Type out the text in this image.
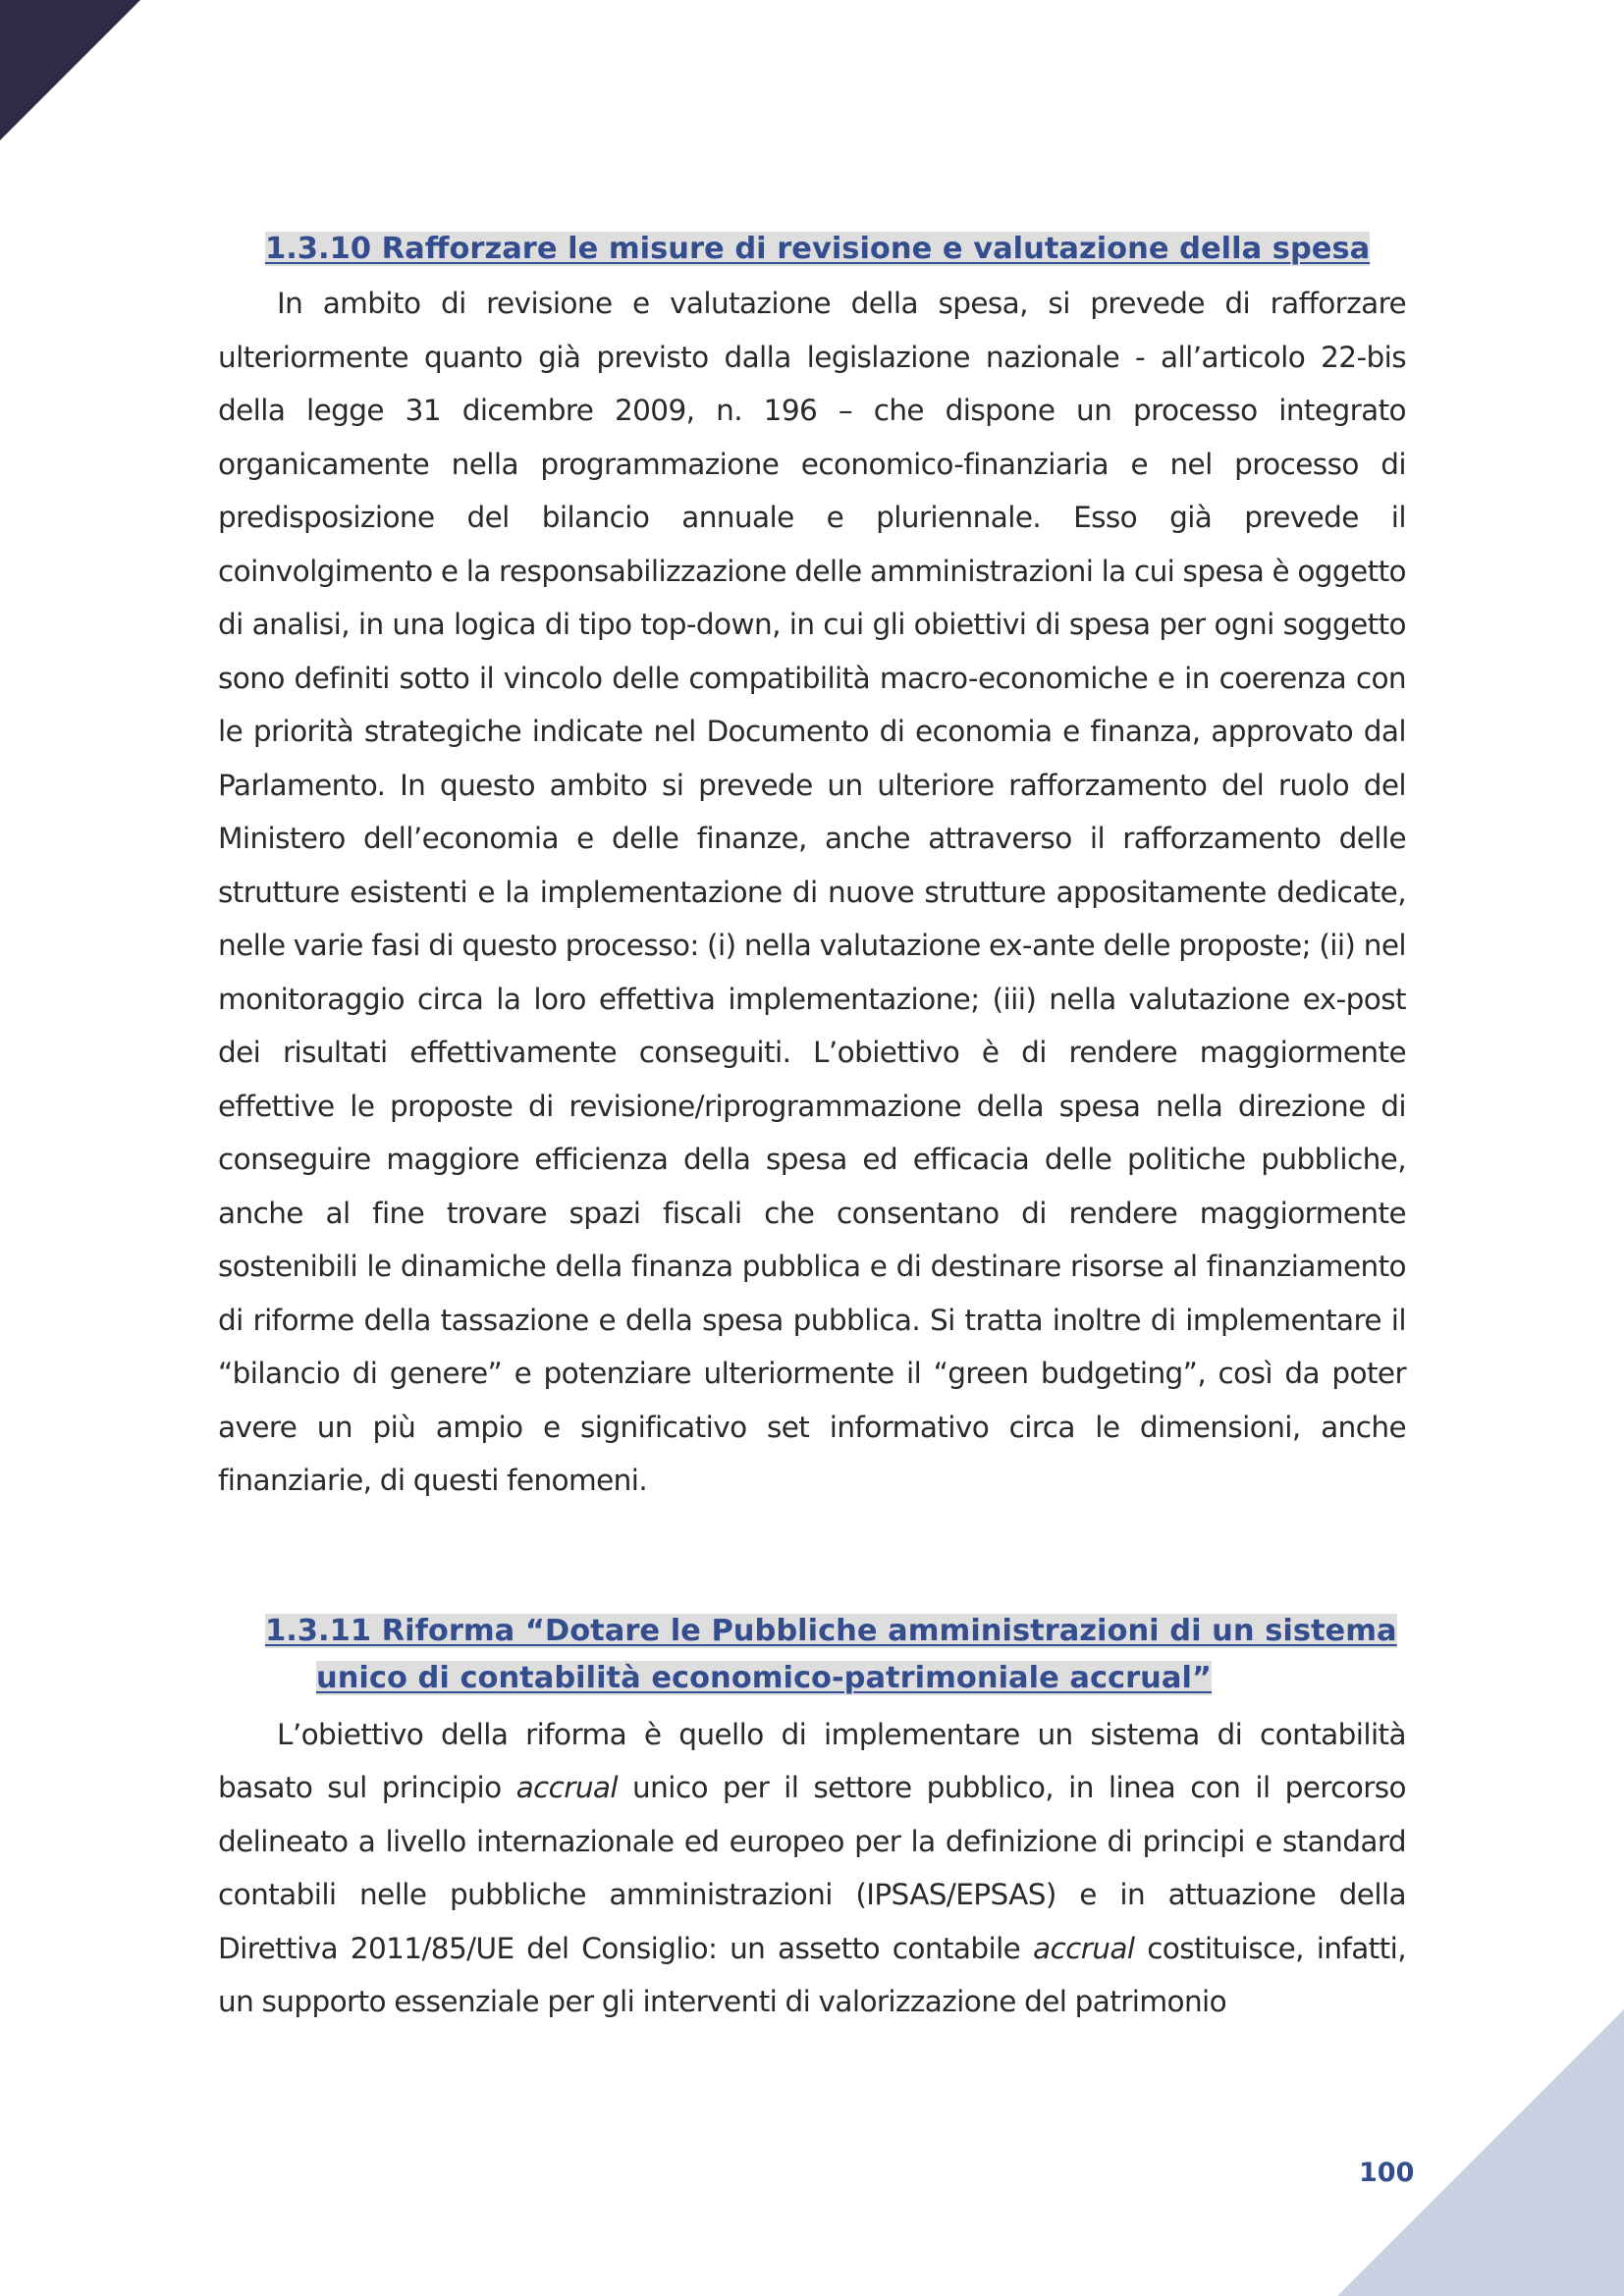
1.3.10 Rafforzare le misure di revisione e valutazione della spesa

In ambito di revisione e valutazione della spesa, si prevede di rafforzare ulteriormente quanto già previsto dalla legislazione nazionale - all’articolo 22-bis della legge 31 dicembre 2009, n. 196 – che dispone un processo integrato organicamente nella programmazione economico-finanziaria e nel processo di predisposizione del bilancio annuale e pluriennale. Esso già prevede il coinvolgimento e la responsabilizzazione delle amministrazioni la cui spesa è oggetto di analisi, in una logica di tipo top-down, in cui gli obiettivi di spesa per ogni soggetto sono definiti sotto il vincolo delle compatibilità macro-economiche e in coerenza con le priorità strategiche indicate nel Documento di economia e finanza, approvato dal Parlamento. In questo ambito si prevede un ulteriore rafforzamento del ruolo del Ministero dell’economia e delle finanze, anche attraverso il rafforzamento delle strutture esistenti e la implementazione di nuove strutture appositamente dedicate, nelle varie fasi di questo processo: (i) nella valutazione ex-ante delle proposte; (ii) nel monitoraggio circa la loro effettiva implementazione; (iii) nella valutazione ex-post dei risultati effettivamente conseguiti. L’obiettivo è di rendere maggiormente effettive le proposte di revisione/riprogrammazione della spesa nella direzione di conseguire maggiore efficienza della spesa ed efficacia delle politiche pubbliche, anche al fine trovare spazi fiscali che consentano di rendere maggiormente sostenibili le dinamiche della finanza pubblica e di destinare risorse al finanziamento di riforme della tassazione e della spesa pubblica. Si tratta inoltre di implementare il “bilancio di genere” e potenziare ulteriormente il “green budgeting”, così da poter avere un più ampio e significativo set informativo circa le dimensioni, anche finanziarie, di questi fenomeni.

1.3.11 Riforma “Dotare le Pubbliche amministrazioni di un sistema
unico di contabilità economico-patrimoniale accrual”

L’obiettivo della riforma è quello di implementare un sistema di contabilità basato sul principio accrual unico per il settore pubblico, in linea con il percorso delineato a livello internazionale ed europeo per la definizione di principi e standard contabili nelle pubbliche amministrazioni (IPSAS/EPSAS) e in attuazione della Direttiva 2011/85/UE del Consiglio: un assetto contabile accrual costituisce, infatti, un supporto essenziale per gli interventi di valorizzazione del patrimonio

100
